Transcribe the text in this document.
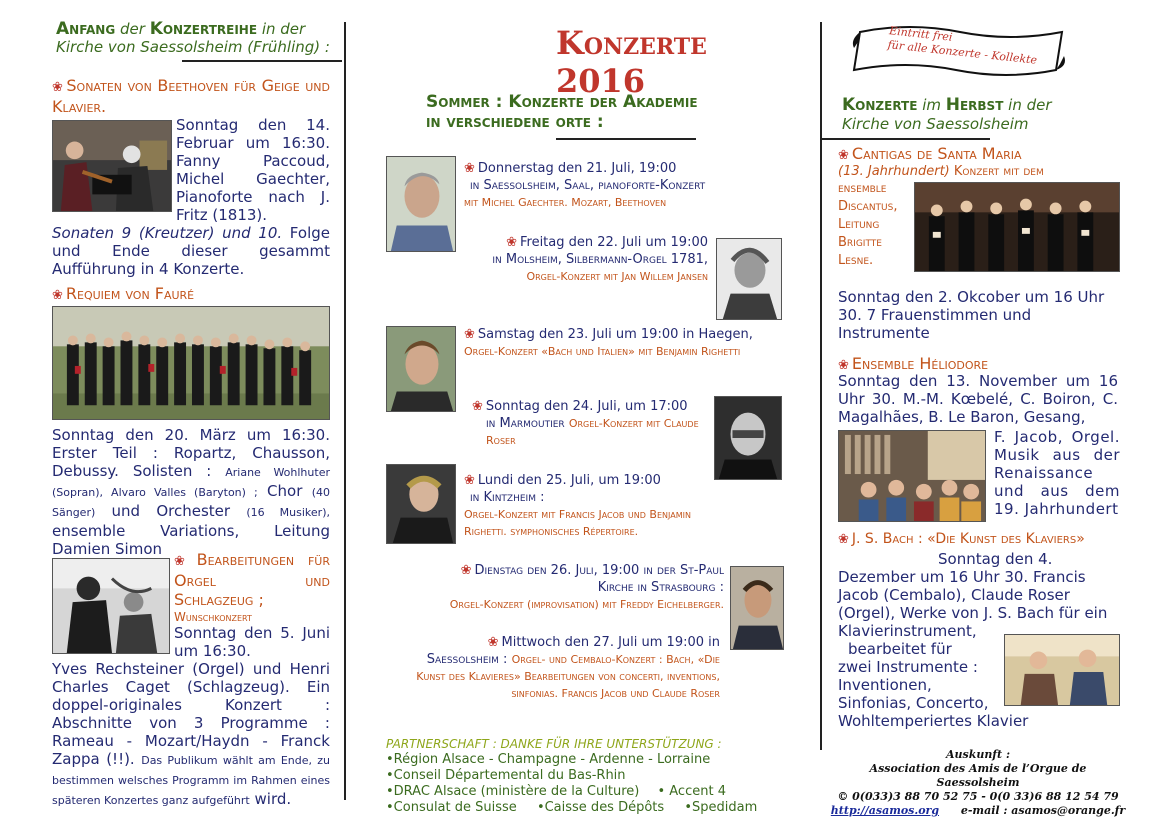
Anfang der Konzertreihe in der
Kirche von Saessolsheim (Frühling) :
❀ Sonaten von Beethoven für Geige und Klavier.
Sonntag den 14. Februar um 16:30. Fanny Paccoud, Michel Gaechter, Pianoforte nach J. Fritz (1813).
Sonaten 9 (Kreutzer) und 10. Folge und Ende dieser gesammt Aufführung in 4 Konzerte.
❀ Requiem von Fauré
Sonntag den 20. März um 16:30. Erster Teil : Ropartz, Chausson, Debussy. Solisten : Ariane Wohlhuter (Sopran), Alvaro Valles (Baryton) ; Chor (40 Sänger) und Orchester (16 Musiker), ensemble Variations, Leitung Damien Simon
❀ Bearbeitungen für Orgel und Schlagzeug ;
Wunschkonzert
Sonntag den 5. Juni um 16:30.
Yves Rechsteiner (Orgel) und Henri Charles Caget (Schlagzeug). Ein doppel-originales Konzert : Abschnitte von 3 Programme : Rameau - Mozart/Haydn - Franck Zappa (!!). Das Publikum wählt am Ende, zu bestimmen welsches Programm im Rahmen eines späteren Konzertes ganz aufgeführt wird.
Konzerte 2016
Sommer : Konzerte der Akademie
in verschiedene orte :
❀ Donnerstag den 21. Juli, 19:00
in Saessolsheim, Saal, pianoforte-Konzert
mit Michel Gaechter. Mozart, Beethoven
❀ Freitag den 22. Juli um 19:00
in Molsheim, Silbermann-Orgel 1781,
Orgel-Konzert mit Jan Willem Jansen
❀ Samstag den 23. Juli um 19:00 in Haegen,
Orgel-Konzert «Bach und Italien» mit Benjamin Righetti
❀ Sonntag den 24. Juli, um 17:00
in Marmoutier Orgel-Konzert mit Claude Roser
❀ Lundi den 25. Juli, um 19:00
in Kintzheim :
Orgel-Konzert mit Francis Jacob und Benjamin Righetti. symphonisches Répertoire.
❀ Dienstag den 26. Juli, 19:00 in der St-Paul Kirche in Strasbourg :
Orgel-Konzert (improvisation) mit Freddy Eichelberger.
❀ Mittwoch den 27. Juli um 19:00 in
Saessolsheim : Orgel- und Cembalo-Konzert : Bach, «Die Kunst des Klavieres» Bearbeitungen von concerti, inventions, sinfonias. Francis Jacob und Claude Roser
PARTNERSCHAFT : DANKE FÜR IHRE UNTERSTÜTZUNG :
•Région Alsace - Champagne - Ardenne - Lorraine
•Conseil Départemental du Bas-Rhin
•DRAC Alsace (ministère de la Culture) • Accent 4
•Consulat de Suisse •Caisse des Dépôts •Spedidam
Eintritt frei
für alle Konzerte - Kollekte
Konzerte im Herbst in der
Kirche von Saessolsheim
❀ Cantigas de Santa Maria
(13. Jahrhundert) Konzert mit dem
ensemble Discantus, Leitung Brigitte Lesne.
Sonntag den 2. Okcober um 16 Uhr 30. 7 Frauenstimmen und Instrumente
❀ Ensemble Héliodore
Sonntag den 13. November um 16 Uhr 30. M.-M. Kœbelé, C. Boiron, C. Magalhães, B. Le Baron, Gesang,
F. Jacob, Orgel. Musik aus der Renaissance und aus dem 19. Jahrhundert
❀ J. S. Bach : «Die Kunst des Klaviers»
Sonntag den 4. Dezember um 16 Uhr 30. Francis Jacob (Cembalo), Claude Roser (Orgel), Werke von J. S. Bach für ein Klavierinstrument,
bearbeitet für
zwei Instrumente :
Inventionen,
Sinfonias, Concerto,
Wohltemperiertes Klavier
Auskunft :
Association des Amis de l’Orgue de Saessolsheim
© 0(033)3 88 70 52 75 - 0(0 33)6 88 12 54 79
http://asamos.org e-mail : asamos@orange.fr
